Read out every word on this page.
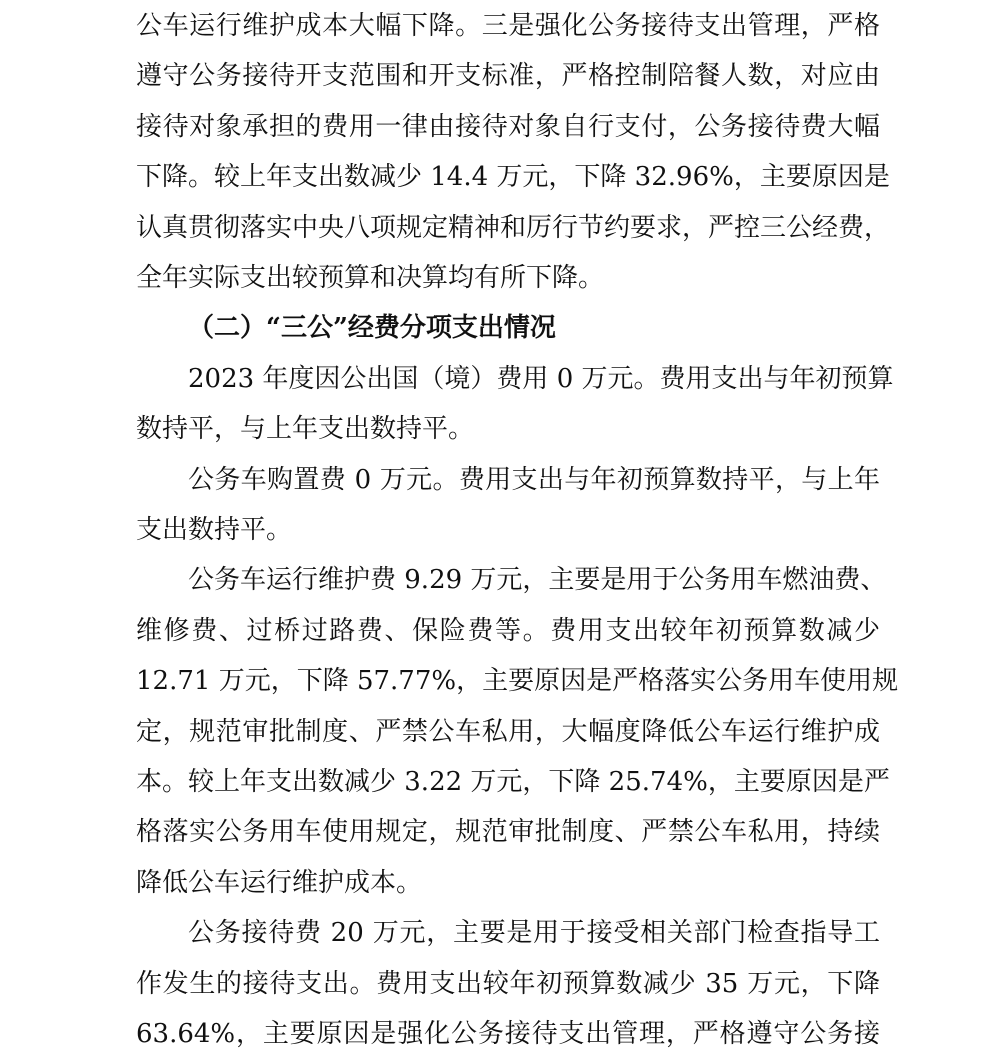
公车运行维护成本大幅下降。三是强化公务接待支出管理，严格
遵守公务接待开支范围和开支标准，严格控制陪餐人数，对应由
接待对象承担的费用一律由接待对象自行支付，公务接待费大幅
下降。较上年支出数减少 14.4 万元，下降 32.96%，主要原因是
认真贯彻落实中央八项规定精神和厉行节约要求，严控三公经费，
全年实际支出较预算和决算均有所下降。
（二）“三公”经费分项支出情况
2023 年度因公出国（境）费用 0 万元。费用支出与年初预算
数持平，与上年支出数持平。
公务车购置费 0 万元。费用支出与年初预算数持平，与上年
支出数持平。
公务车运行维护费 9.29 万元，主要是用于公务用车燃油费、
维修费、过桥过路费、保险费等。费用支出较年初预算数减少
12.71 万元，下降 57.77%，主要原因是严格落实公务用车使用规
定，规范审批制度、严禁公车私用，大幅度降低公车运行维护成
本。较上年支出数减少 3.22 万元，下降 25.74%，主要原因是严
格落实公务用车使用规定，规范审批制度、严禁公车私用，持续
降低公车运行维护成本。
公务接待费 20 万元，主要是用于接受相关部门检查指导工
作发生的接待支出。费用支出较年初预算数减少 35 万元，下降
63.64%，主要原因是强化公务接待支出管理，严格遵守公务接
